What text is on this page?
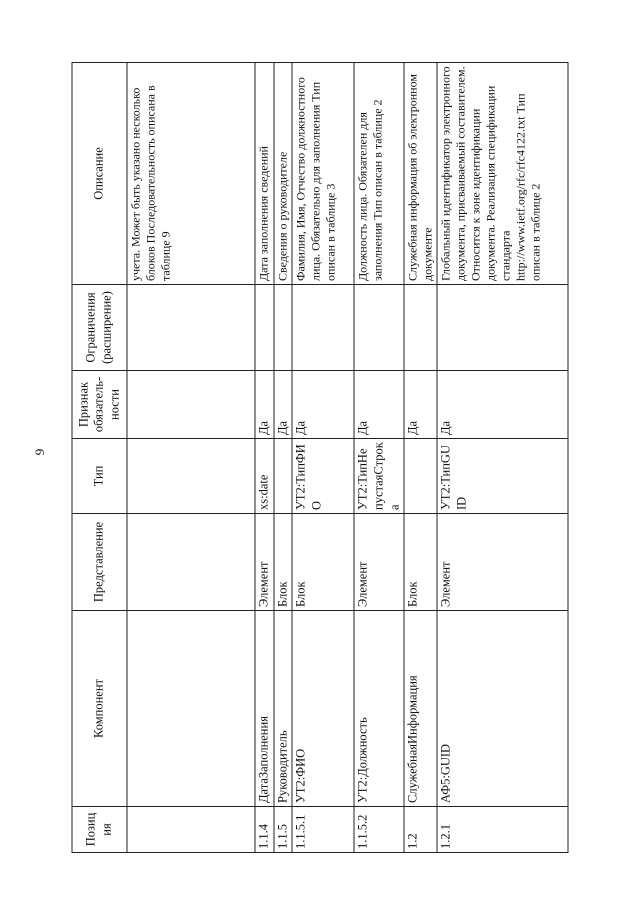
9
Позиция	Компонент	Представление	Тип	Признак обязатель-ности	Ограничения (расширение)	Описание
						учета. Может быть указано несколько блоков Последовательность описана в таблице 9
1.1.4	ДатаЗаполнения	Элемент	xs:date	Да		Дата заполнения сведений
1.1.5	Руководитель	Блок		Да		Сведения о руководителе
1.1.5.1	УТ2:ФИО	Блок	УТ2:ТипФИО	Да		Фамилия, Имя, Отчество должностного лица. Обязательно для заполнения Тип описан в таблице 3
1.1.5.2	УТ2:Должность	Элемент	УТ2:ТипНепустаяСтрока	Да		Должность лица. Обязателен для заполнения Тип описан в таблице 2
1.2	СлужебнаяИнформация	Блок		Да		Служебная информация об электронном документе
1.2.1	АФ5:GUID	Элемент	УТ2:ТипGUID	Да		Глобальный идентификатор электронного документа, присваиваемый составителем. Относится к зоне идентификации документа. Реализация спецификации стандарта http://www.ietf.org/rfc/rfc4122.txt Тип описан в таблице 2
